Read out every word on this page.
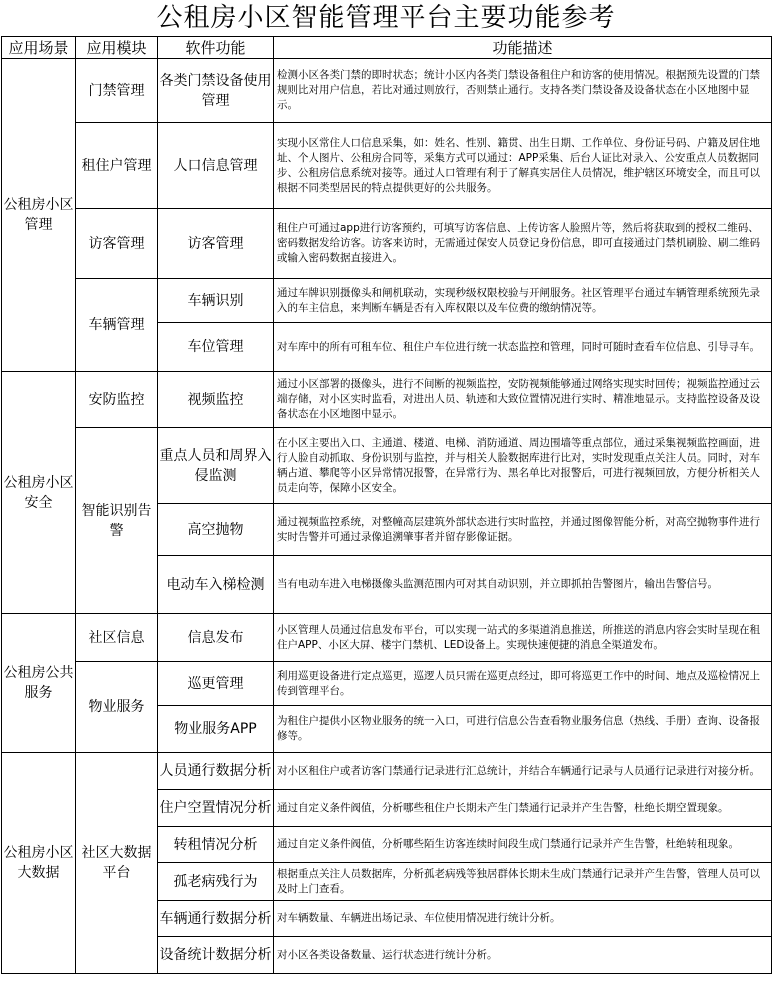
公租房小区智能管理平台主要功能参考
应用场景	应用模块	软件功能	功能描述
公租房小区管理	门禁管理	各类门禁设备使用管理	检测小区各类门禁的即时状态；统计小区内各类门禁设备租住户和访客的使用情况。根据预先设置的门禁规则比对用户信息，若比对通过则放行，否则禁止通行。支持各类门禁设备及设备状态在小区地图中显示。
	租住户管理	人口信息管理	实现小区常住人口信息采集，如：姓名、性别、籍贯、出生日期、工作单位、身份证号码、户籍及居住地址、个人图片、公租房合同等，采集方式可以通过：APP采集、后台人证比对录入、公安重点人员数据同步、公租房信息系统对接等。通过人口管理有利于了解真实居住人员情况，维护辖区环境安全，而且可以根据不同类型居民的特点提供更好的公共服务。
	访客管理	访客管理	租住户可通过app进行访客预约，可填写访客信息、上传访客人脸照片等，然后将获取到的授权二维码、密码数据发给访客。访客来访时，无需通过保安人员登记身份信息，即可直接通过门禁机刷脸、刷二维码或输入密码数据直接进入。
	车辆管理	车辆识别	通过车牌识别摄像头和闸机联动，实现秒级权限校验与开闸服务。社区管理平台通过车辆管理系统预先录入的车主信息，来判断车辆是否有入库权限以及车位费的缴纳情况等。
		车位管理	对车库中的所有可租车位、租住户车位进行统一状态监控和管理，同时可随时查看车位信息、引导寻车。
公租房小区安全	安防监控	视频监控	通过小区部署的摄像头，进行不间断的视频监控，安防视频能够通过网络实现实时回传；视频监控通过云端存储，对小区实时监看，对进出人员、轨迹和大致位置情况进行实时、精准地显示。支持监控设备及设备状态在小区地图中显示。
	智能识别告警	重点人员和周界入侵监测	在小区主要出入口、主通道、楼道、电梯、消防通道、周边围墙等重点部位，通过采集视频监控画面，进行人脸自动抓取、身份识别与监控，并与相关人脸数据库进行比对，实时发现重点关注人员。同时，对车辆占道、攀爬等小区异常情况报警，在异常行为、黑名单比对报警后，可进行视频回放，方便分析相关人员走向等，保障小区安全。
		高空抛物	通过视频监控系统，对整幢高层建筑外部状态进行实时监控，并通过图像智能分析，对高空抛物事件进行实时告警并可通过录像追溯肇事者并留存影像证据。
		电动车入梯检测	当有电动车进入电梯摄像头监测范围内可对其自动识别，并立即抓拍告警图片，输出告警信号。
公租房公共服务	社区信息	信息发布	小区管理人员通过信息发布平台，可以实现一站式的多渠道消息推送，所推送的消息内容会实时呈现在租住户APP、小区大屏、楼宇门禁机、LED设备上。实现快速便捷的消息全渠道发布。
	物业服务	巡更管理	利用巡更设备进行定点巡更，巡逻人员只需在巡更点经过，即可将巡更工作中的时间、地点及巡检情况上传到管理平台。
		物业服务APP	为租住户提供小区物业服务的统一入口，可进行信息公告查看物业服务信息（热线、手册）查询、设备报修等。
公租房小区大数据	社区大数据平台	人员通行数据分析	对小区租住户或者访客门禁通行记录进行汇总统计，并结合车辆通行记录与人员通行记录进行对接分析。
		住户空置情况分析	通过自定义条件阀值，分析哪些租住户长期未产生门禁通行记录并产生告警，杜绝长期空置现象。
		转租情况分析	通过自定义条件阀值，分析哪些陌生访客连续时间段生成门禁通行记录并产生告警，杜绝转租现象。
		孤老病残行为	根据重点关注人员数据库，分析孤老病残等独居群体长期未生成门禁通行记录并产生告警，管理人员可以及时上门查看。
		车辆通行数据分析	对车辆数量、车辆进出场记录、车位使用情况进行统计分析。
		设备统计数据分析	对小区各类设备数量、运行状态进行统计分析。
